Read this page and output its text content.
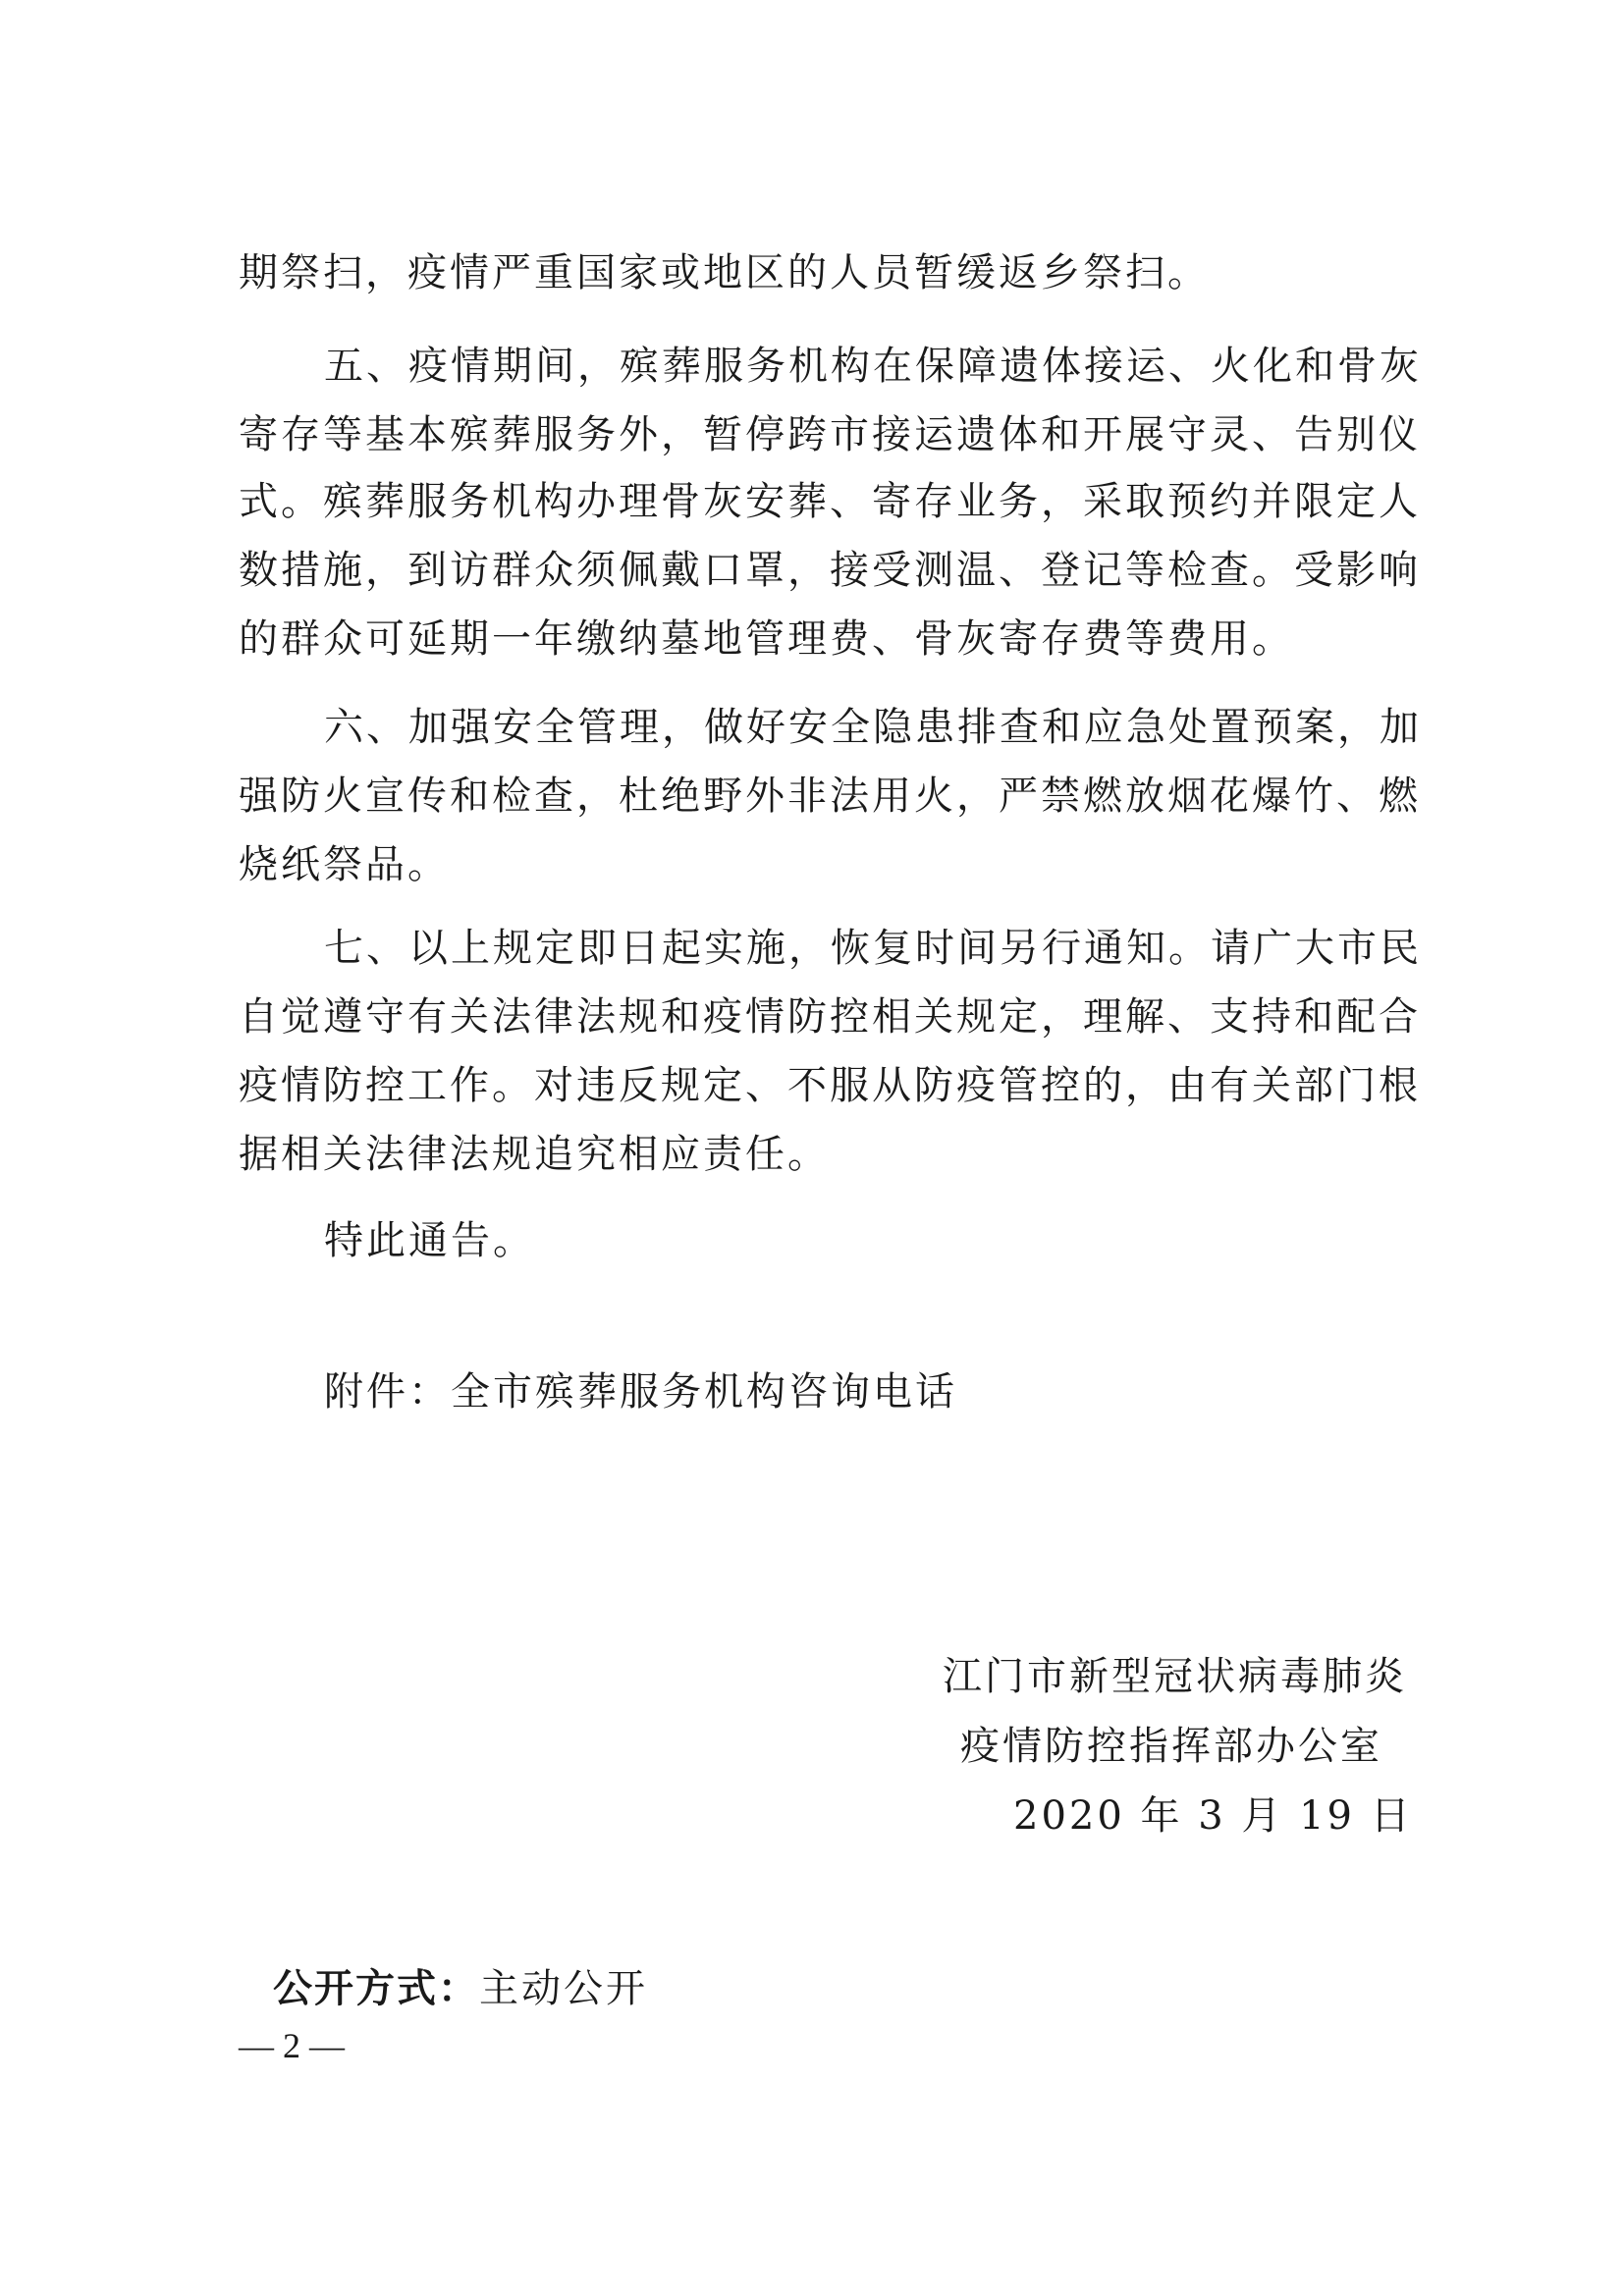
期祭扫，疫情严重国家或地区的人员暂缓返乡祭扫。
五、疫情期间，殡葬服务机构在保障遗体接运、火化和骨灰
寄存等基本殡葬服务外，暂停跨市接运遗体和开展守灵、告别仪
式。殡葬服务机构办理骨灰安葬、寄存业务，采取预约并限定人
数措施，到访群众须佩戴口罩，接受测温、登记等检查。受影响
的群众可延期一年缴纳墓地管理费、骨灰寄存费等费用。
六、加强安全管理，做好安全隐患排查和应急处置预案，加
强防火宣传和检查，杜绝野外非法用火，严禁燃放烟花爆竹、燃
烧纸祭品。
七、以上规定即日起实施，恢复时间另行通知。请广大市民
自觉遵守有关法律法规和疫情防控相关规定，理解、支持和配合
疫情防控工作。对违反规定、不服从防疫管控的，由有关部门根
据相关法律法规追究相应责任。
特此通告。
附件：全市殡葬服务机构咨询电话
江门市新型冠状病毒肺炎
疫情防控指挥部办公室
2020 年 3 月 19 日
公开方式：主动公开
— 2 —
